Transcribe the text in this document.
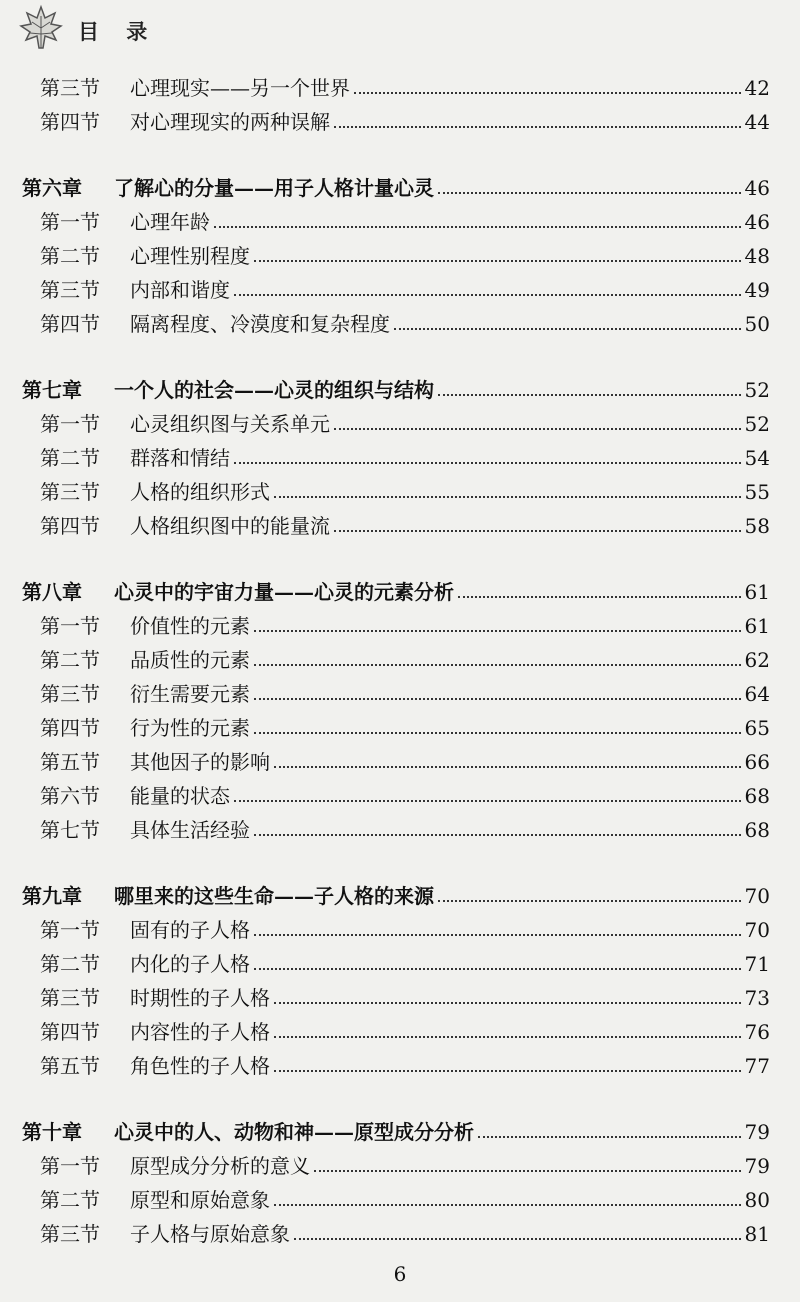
目 录
第三节	心理现实——另一个世界	42
第四节	对心理现实的两种误解	44
第六章	了解心的分量——用子人格计量心灵	46
第一节	心理年龄	46
第二节	心理性别程度	48
第三节	内部和谐度	49
第四节	隔离程度、冷漠度和复杂程度	50
第七章	一个人的社会——心灵的组织与结构	52
第一节	心灵组织图与关系单元	52
第二节	群落和情结	54
第三节	人格的组织形式	55
第四节	人格组织图中的能量流	58
第八章	心灵中的宇宙力量——心灵的元素分析	61
第一节	价值性的元素	61
第二节	品质性的元素	62
第三节	衍生需要元素	64
第四节	行为性的元素	65
第五节	其他因子的影响	66
第六节	能量的状态	68
第七节	具体生活经验	68
第九章	哪里来的这些生命——子人格的来源	70
第一节	固有的子人格	70
第二节	内化的子人格	71
第三节	时期性的子人格	73
第四节	内容性的子人格	76
第五节	角色性的子人格	77
第十章	心灵中的人、动物和神——原型成分分析	79
第一节	原型成分分析的意义	79
第二节	原型和原始意象	80
第三节	子人格与原始意象	81
6
